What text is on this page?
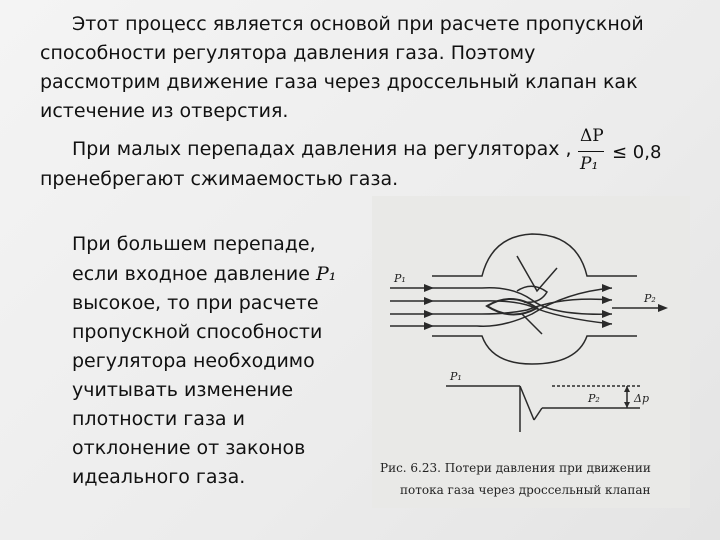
Этот процесс является основой при расчете пропускной

способности регулятора давления газа. Поэтому

рассмотрим движение газа через дроссельный клапан как

истечение из отверстия.

При малых перепадах давления на регуляторах ,

пренебрегают сжимаемостью газа.

ΔP
P₁
≤ 0,8

При большем перепаде,

если входное давление P₁

высокое, то при расчете

пропускной способности

регулятора необходимо

учитывать изменение

плотности газа и

отклонение от законов

идеального газа.

P₁
P₂
P₁
P₂	Δp
Рис. 6.23. Потери давления при движении
потока газа через дроссельный клапан
